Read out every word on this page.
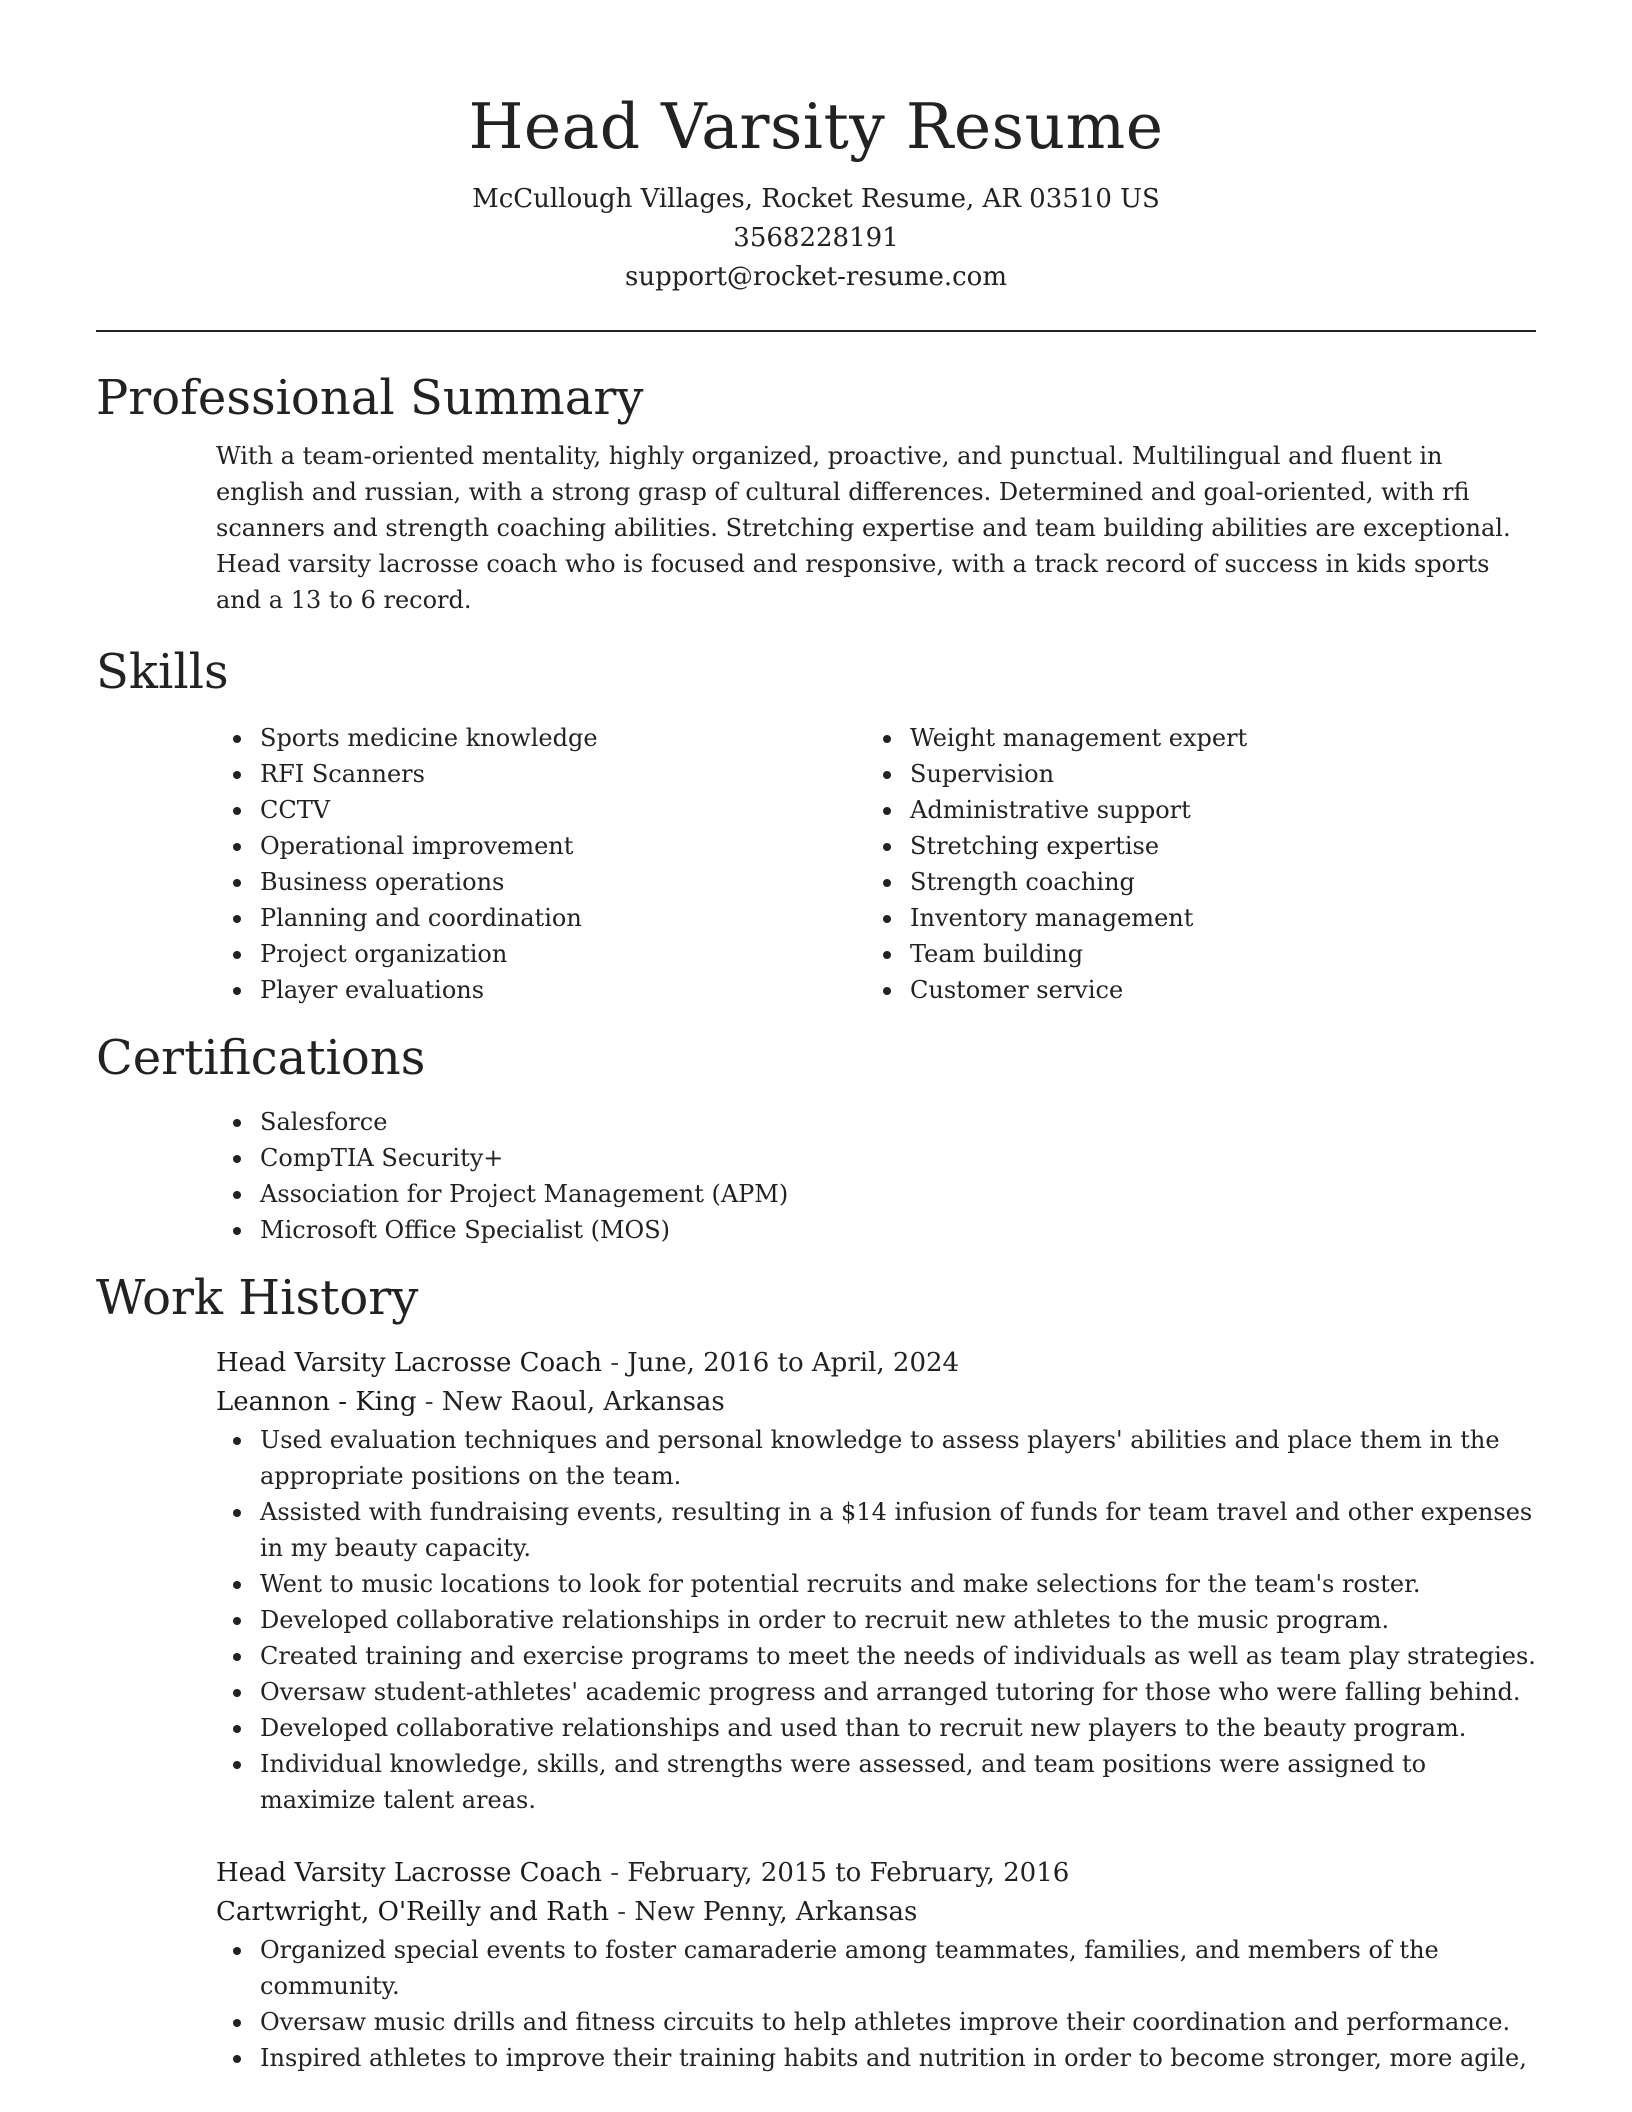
Head Varsity Resume

McCullough Villages, Rocket Resume, AR 03510 US

3568228191

support@rocket-resume.com

Professional Summary

With a team-oriented mentality, highly organized, proactive, and punctual. Multilingual and fluent in english and russian, with a strong grasp of cultural differences. Determined and goal-oriented, with rfi scanners and strength coaching abilities. Stretching expertise and team building abilities are exceptional. Head varsity lacrosse coach who is focused and responsive, with a track record of success in kids sports and a 13 to 6 record.

Skills
Sports medicine knowledge
RFI Scanners
CCTV
Operational improvement
Business operations
Planning and coordination
Project organization
Player evaluations
Weight management expert
Supervision
Administrative support
Stretching expertise
Strength coaching
Inventory management
Team building
Customer service
Certifications
Salesforce
CompTIA Security+
Association for Project Management (APM)
Microsoft Office Specialist (MOS)
Work History

Head Varsity Lacrosse Coach - June, 2016 to April, 2024

Leannon - King - New Raoul, Arkansas

Used evaluation techniques and personal knowledge to assess players' abilities and place them in the appropriate positions on the team.
Assisted with fundraising events, resulting in a $14 infusion of funds for team travel and other expenses in my beauty capacity.
Went to music locations to look for potential recruits and make selections for the team's roster.
Developed collaborative relationships in order to recruit new athletes to the music program.
Created training and exercise programs to meet the needs of individuals as well as team play strategies.
Oversaw student-athletes' academic progress and arranged tutoring for those who were falling behind.
Developed collaborative relationships and used than to recruit new players to the beauty program.
Individual knowledge, skills, and strengths were assessed, and team positions were assigned to maximize talent areas.

Head Varsity Lacrosse Coach - February, 2015 to February, 2016

Cartwright, O'Reilly and Rath - New Penny, Arkansas

Organized special events to foster camaraderie among teammates, families, and members of the community.
Oversaw music drills and fitness circuits to help athletes improve their coordination and performance.
Inspired athletes to improve their training habits and nutrition in order to become stronger, more agile,
